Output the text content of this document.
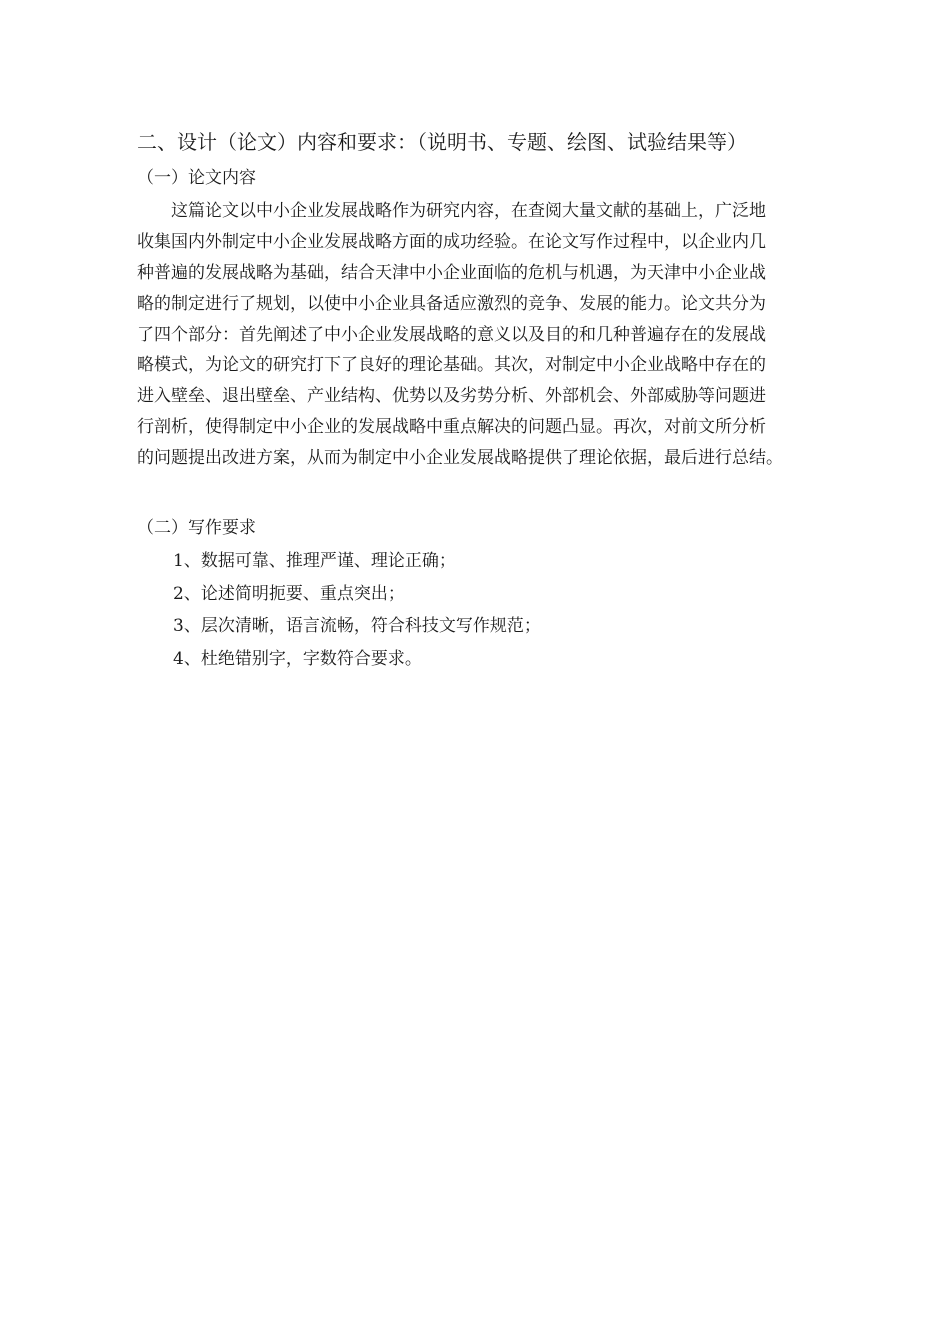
二、设计（论文）内容和要求：（说明书、专题、绘图、试验结果等）
（一）论文内容
　　这篇论文以中小企业发展战略作为研究内容，在查阅大量文献的基础上，广泛地
收集国内外制定中小企业发展战略方面的成功经验。在论文写作过程中，以企业内几
种普遍的发展战略为基础，结合天津中小企业面临的危机与机遇，为天津中小企业战
略的制定进行了规划，以使中小企业具备适应激烈的竞争、发展的能力。论文共分为
了四个部分：首先阐述了中小企业发展战略的意义以及目的和几种普遍存在的发展战
略模式，为论文的研究打下了良好的理论基础。其次，对制定中小企业战略中存在的
进入壁垒、退出壁垒、产业结构、优势以及劣势分析、外部机会、外部威胁等问题进
行剖析，使得制定中小企业的发展战略中重点解决的问题凸显。再次，对前文所分析
的问题提出改进方案，从而为制定中小企业发展战略提供了理论依据，最后进行总结。
（二）写作要求
1、数据可靠、推理严谨、理论正确；
2、论述简明扼要、重点突出；
3、层次清晰，语言流畅，符合科技文写作规范；
4、杜绝错别字，字数符合要求。
